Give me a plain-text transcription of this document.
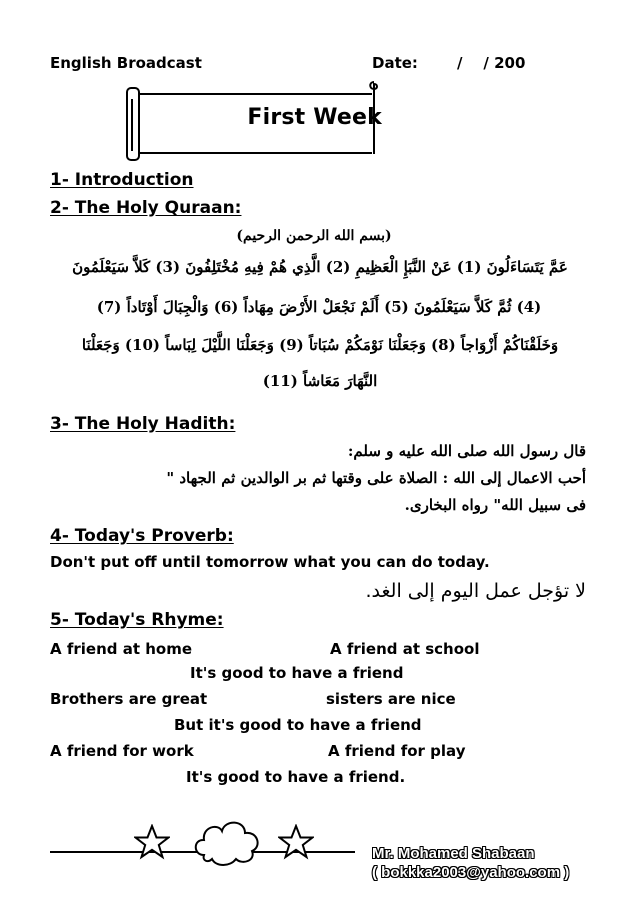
English Broadcast	Date:	/    / 200
First Week
1- Introduction
2- The Holy Quraan:
(بسم الله الرحمن الرحيم)
عَمَّ يَتَسَاءَلُونَ (1) عَنْ النَّبَإِ الْعَظِيمِ (2) الَّذِي هُمْ فِيهِ مُخْتَلِفُونَ (3) كَلاَّ سَيَعْلَمُونَ
(4) ثُمَّ كَلاَّ سَيَعْلَمُونَ (5) أَلَمْ نَجْعَلْ الأَرْضَ مِهَاداً (6) وَالْجِبَالَ أَوْتَاداً (7)
وَخَلَقْنَاكُمْ أَزْوَاجاً (8) وَجَعَلْنَا نَوْمَكُمْ سُبَاتاً (9) وَجَعَلْنَا اللَّيْلَ لِبَاساً (10) وَجَعَلْنَا
النَّهَارَ مَعَاشاً (11)
3- The Holy Hadith:
قال رسول الله صلى الله عليه و سلم:
أحب الاعمال إلى الله : الصلاة على وقتها ثم بر الوالدين ثم الجهاد "
فى سبيل الله" رواه البخارى.
4- Today's Proverb:
Don't put off until tomorrow what you can do today.
لا تؤجل عمل اليوم إلى الغد.
5- Today's Rhyme:
A friend at home	A friend at school
It's good to have a friend
Brothers are great	sisters are nice
But it's good to have a friend
A friend for work	A friend for play
It's good to have a friend.
Mr. Mohamed Shabaan
( bokkka2003@yahoo.com )
